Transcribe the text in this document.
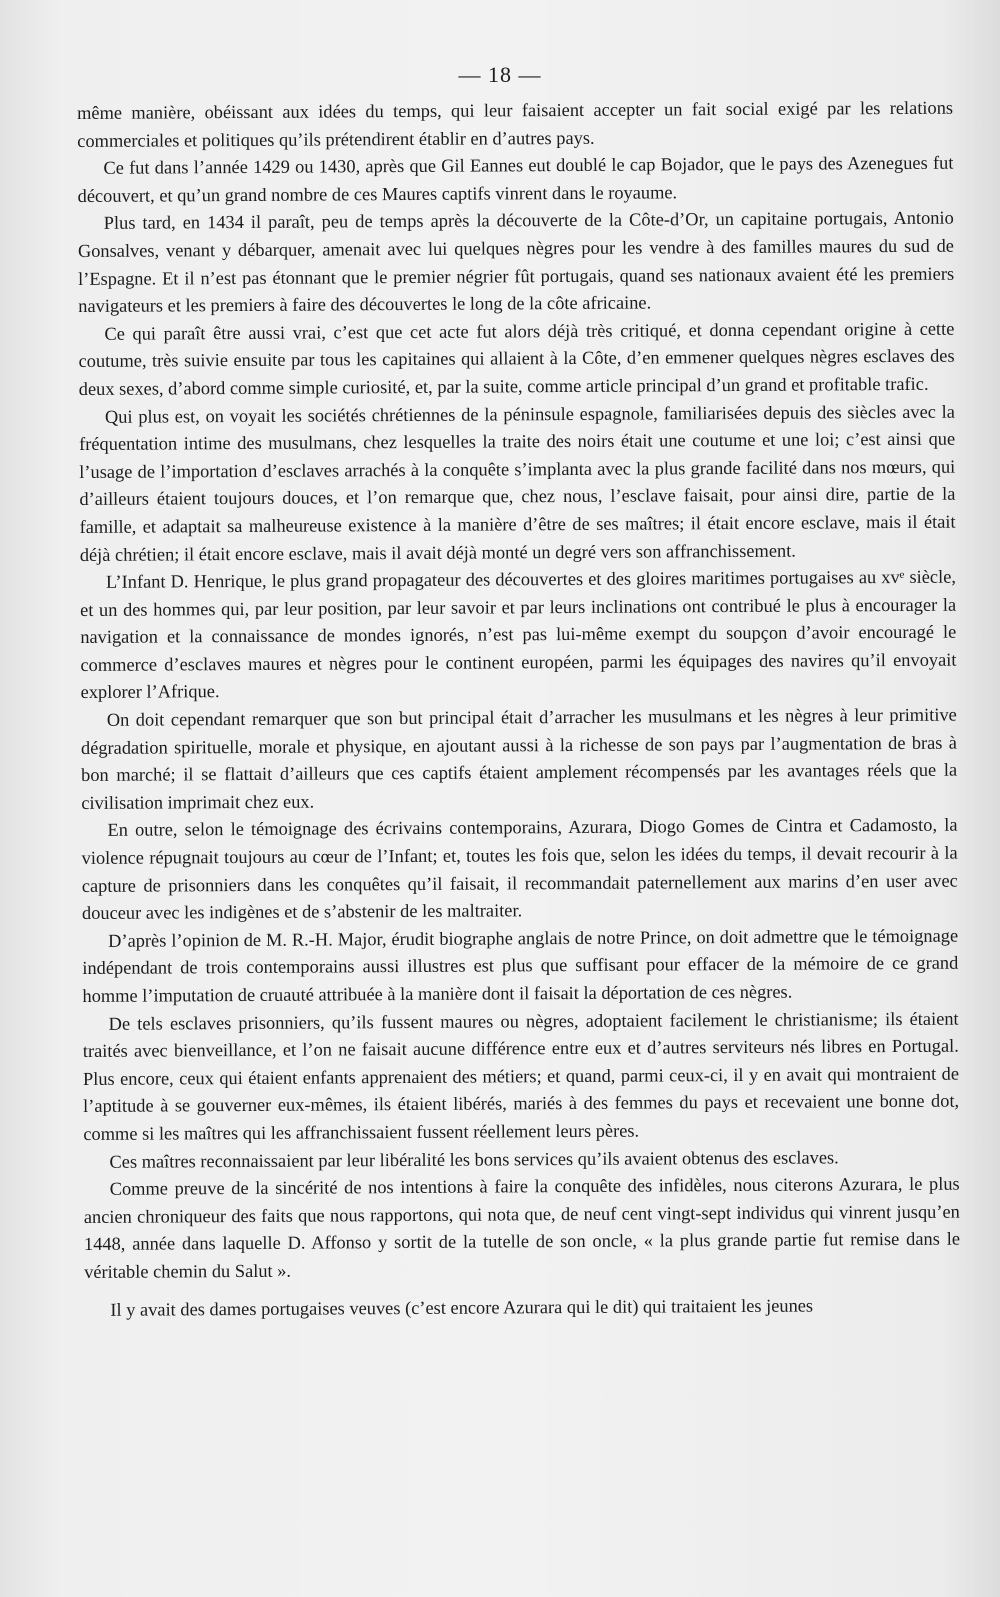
— 18 —

même manière, obéissant aux idées du temps, qui leur faisaient accepter un fait social exigé par les relations commerciales et politiques qu’ils prétendirent établir en d’autres pays.

Ce fut dans l’année 1429 ou 1430, après que Gil Eannes eut doublé le cap Bojador, que le pays des Azenegues fut découvert, et qu’un grand nombre de ces Maures captifs vinrent dans le royaume.

Plus tard, en 1434 il paraît, peu de temps après la découverte de la Côte-d’Or, un capitaine portugais, Antonio Gonsalves, venant y débarquer, amenait avec lui quelques nègres pour les vendre à des familles maures du sud de l’Espagne. Et il n’est pas étonnant que le premier négrier fût portugais, quand ses nationaux avaient été les premiers navigateurs et les premiers à faire des découvertes le long de la côte africaine.

Ce qui paraît être aussi vrai, c’est que cet acte fut alors déjà très critiqué, et donna cependant origine à cette coutume, très suivie ensuite par tous les capitaines qui allaient à la Côte, d’en emmener quelques nègres esclaves des deux sexes, d’abord comme simple curiosité, et, par la suite, comme article principal d’un grand et profitable trafic.

Qui plus est, on voyait les sociétés chrétiennes de la péninsule espagnole, familiarisées depuis des siècles avec la fréquentation intime des musulmans, chez lesquelles la traite des noirs était une coutume et une loi; c’est ainsi que l’usage de l’importation d’esclaves arrachés à la conquête s’implanta avec la plus grande facilité dans nos mœurs, qui d’ailleurs étaient toujours douces, et l’on remarque que, chez nous, l’esclave faisait, pour ainsi dire, partie de la famille, et adaptait sa malheureuse existence à la manière d’être de ses maîtres; il était encore esclave, mais il était déjà chrétien; il était encore esclave, mais il avait déjà monté un degré vers son affranchissement.

L’Infant D. Henrique, le plus grand propagateur des découvertes et des gloires maritimes portugaises au xvᵉ siècle, et un des hommes qui, par leur position, par leur savoir et par leurs inclinations ont contribué le plus à encourager la navigation et la connaissance de mondes ignorés, n’est pas lui-même exempt du soupçon d’avoir encouragé le commerce d’esclaves maures et nègres pour le continent européen, parmi les équipages des navires qu’il envoyait explorer l’Afrique.

On doit cependant remarquer que son but principal était d’arracher les musulmans et les nègres à leur primitive dégradation spirituelle, morale et physique, en ajoutant aussi à la richesse de son pays par l’augmentation de bras à bon marché; il se flattait d’ailleurs que ces captifs étaient amplement récompensés par les avantages réels que la civilisation imprimait chez eux.

En outre, selon le témoignage des écrivains contemporains, Azurara, Diogo Gomes de Cintra et Cadamosto, la violence répugnait toujours au cœur de l’Infant; et, toutes les fois que, selon les idées du temps, il devait recourir à la capture de prisonniers dans les conquêtes qu’il faisait, il recommandait paternellement aux marins d’en user avec douceur avec les indigènes et de s’abstenir de les maltraiter.

D’après l’opinion de M. R.-H. Major, érudit biographe anglais de notre Prince, on doit admettre que le témoignage indépendant de trois contemporains aussi illustres est plus que suffisant pour effacer de la mémoire de ce grand homme l’imputation de cruauté attribuée à la manière dont il faisait la déportation de ces nègres.

De tels esclaves prisonniers, qu’ils fussent maures ou nègres, adoptaient facilement le christianisme; ils étaient traités avec bienveillance, et l’on ne faisait aucune différence entre eux et d’autres serviteurs nés libres en Portugal. Plus encore, ceux qui étaient enfants apprenaient des métiers; et quand, parmi ceux-ci, il y en avait qui montraient de l’aptitude à se gouverner eux-mêmes, ils étaient libérés, mariés à des femmes du pays et recevaient une bonne dot, comme si les maîtres qui les affranchissaient fussent réellement leurs pères.

Ces maîtres reconnaissaient par leur libéralité les bons services qu’ils avaient obtenus des esclaves.

Comme preuve de la sincérité de nos intentions à faire la conquête des infidèles, nous citerons Azurara, le plus ancien chroniqueur des faits que nous rapportons, qui nota que, de neuf cent vingt-sept individus qui vinrent jusqu’en 1448, année dans laquelle D. Affonso y sortit de la tutelle de son oncle, « la plus grande partie fut remise dans le véritable chemin du Salut ».

Il y avait des dames portugaises veuves (c’est encore Azurara qui le dit) qui traitaient les jeunes
